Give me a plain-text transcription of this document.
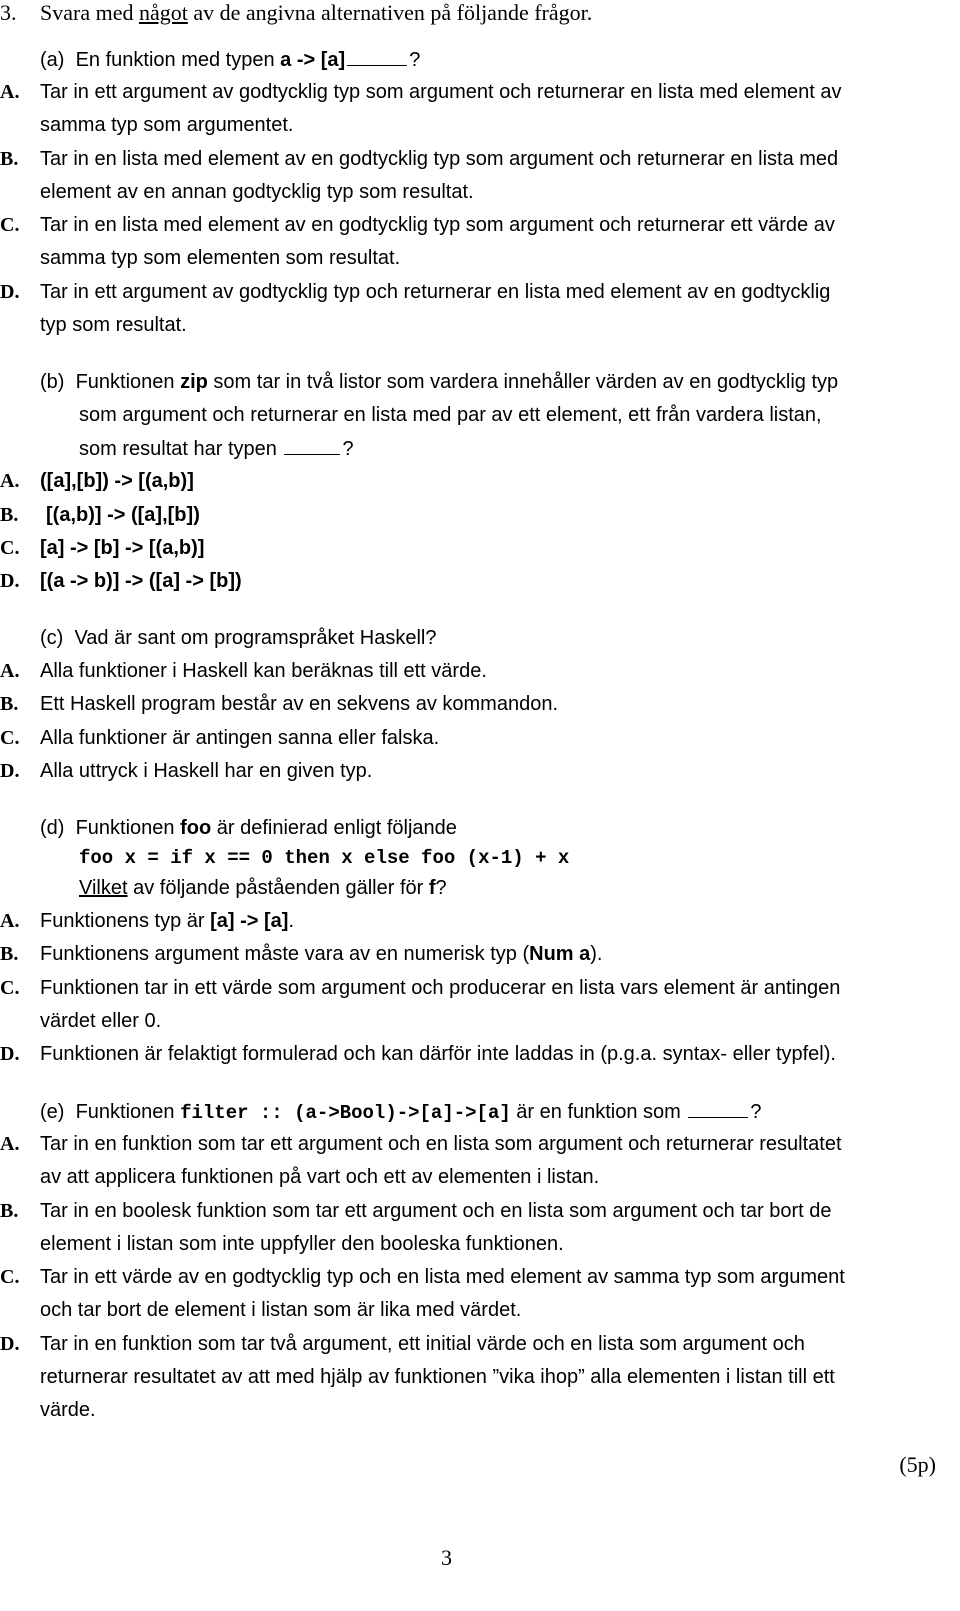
3. Svara med något av de angivna alternativen på följande frågor.
(a) En funktion med typen a -> [a]	?
A. Tar in ett argument av godtycklig typ som argument och returnerar en lista med element av
samma typ som argumentet.
B. Tar in en lista med element av en godtycklig typ som argument och returnerar en lista med
element av en annan godtycklig typ som resultat.
C. Tar in en lista med element av en godtycklig typ som argument och returnerar ett värde av
samma typ som elementen som resultat.
D. Tar in ett argument av godtycklig typ och returnerar en lista med element av en godtycklig
typ som resultat.
(b) Funktionen zip som tar in två listor som vardera innehåller värden av en godtycklig typ
som argument och returnerar en lista med par av ett element, ett från vardera listan,
som resultat har typen	?
A. ([a],[b]) -> [(a,b)]
B. [(a,b)] -> ([a],[b])
C. [a] -> [b] -> [(a,b)]
D. [(a -> b)] -> ([a] -> [b])
(c) Vad är sant om programspråket Haskell?
A. Alla funktioner i Haskell kan beräknas till ett värde.
B. Ett Haskell program består av en sekvens av kommandon.
C. Alla funktioner är antingen sanna eller falska.
D. Alla uttryck i Haskell har en given typ.
(d) Funktionen foo är definierad enligt följande
foo x = if x == 0 then x else foo (x-1) + x
Vilket av följande påståenden gäller för f?
A. Funktionens typ är [a] -> [a].
B. Funktionens argument måste vara av en numerisk typ (Num a).
C. Funktionen tar in ett värde som argument och producerar en lista vars element är antingen
värdet eller 0.
D. Funktionen är felaktigt formulerad och kan därför inte laddas in (p.g.a. syntax- eller typfel).
(e) Funktionen filter :: (a->Bool)->[a]->[a] är en funktion som	?
A. Tar in en funktion som tar ett argument och en lista som argument och returnerar resultatet
av att applicera funktionen på vart och ett av elementen i listan.
B. Tar in en boolesk funktion som tar ett argument och en lista som argument och tar bort de
element i listan som inte uppfyller den booleska funktionen.
C. Tar in ett värde av en godtycklig typ och en lista med element av samma typ som argument
och tar bort de element i listan som är lika med värdet.
D. Tar in en funktion som tar två argument, ett initial värde och en lista som argument och
returnerar resultatet av att med hjälp av funktionen ”vika ihop” alla elementen i listan till ett
värde.
(5p)
3
